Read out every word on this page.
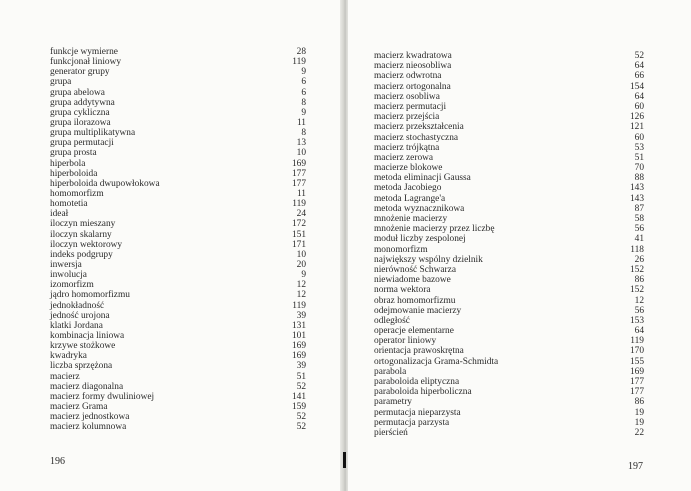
funkcje wymierne	28
funkcjonał liniowy	119
generator grupy	9
grupa	6
grupa abelowa	6
grupa addytywna	8
grupa cykliczna	9
grupa ilorazowa	11
grupa multiplikatywna	8
grupa permutacji	13
grupa prosta	10
hiperbola	169
hiperboloida	177
hiperboloida dwupowłokowa	177
homomorfizm	11
homotetia	119
ideał	24
iloczyn mieszany	172
iloczyn skalarny	151
iloczyn wektorowy	171
indeks podgrupy	10
inwersja	20
inwolucja	9
izomorfizm	12
jądro homomorfizmu	12
jednokładność	119
jedność urojona	39
klatki Jordana	131
kombinacja liniowa	101
krzywe stożkowe	169
kwadryka	169
liczba sprzężona	39
macierz	51
macierz diagonalna	52
macierz formy dwuliniowej	141
macierz Grama	159
macierz jednostkowa	52
macierz kolumnowa	52
196
macierz kwadratowa	52
macierz nieosobliwa	64
macierz odwrotna	66
macierz ortogonalna	154
macierz osobliwa	64
macierz permutacji	60
macierz przejścia	126
macierz przekształcenia	121
macierz stochastyczna	60
macierz trójkątna	53
macierz zerowa	51
macierze blokowe	70
metoda eliminacji Gaussa	88
metoda Jacobiego	143
metoda Lagrange'a	143
metoda wyznacznikowa	87
mnożenie macierzy	58
mnożenie macierzy przez liczbę	56
moduł liczby zespolonej	41
monomorfizm	118
największy wspólny dzielnik	26
nierówność Schwarza	152
niewiadome bazowe	86
norma wektora	152
obraz homomorfizmu	12
odejmowanie macierzy	56
odległość	153
operacje elementarne	64
operator liniowy	119
orientacja prawoskrętna	170
ortogonalizacja Grama-Schmidta	155
parabola	169
paraboloida eliptyczna	177
paraboloida hiperboliczna	177
parametry	86
permutacja nieparzysta	19
permutacja parzysta	19
pierścień	22
197
